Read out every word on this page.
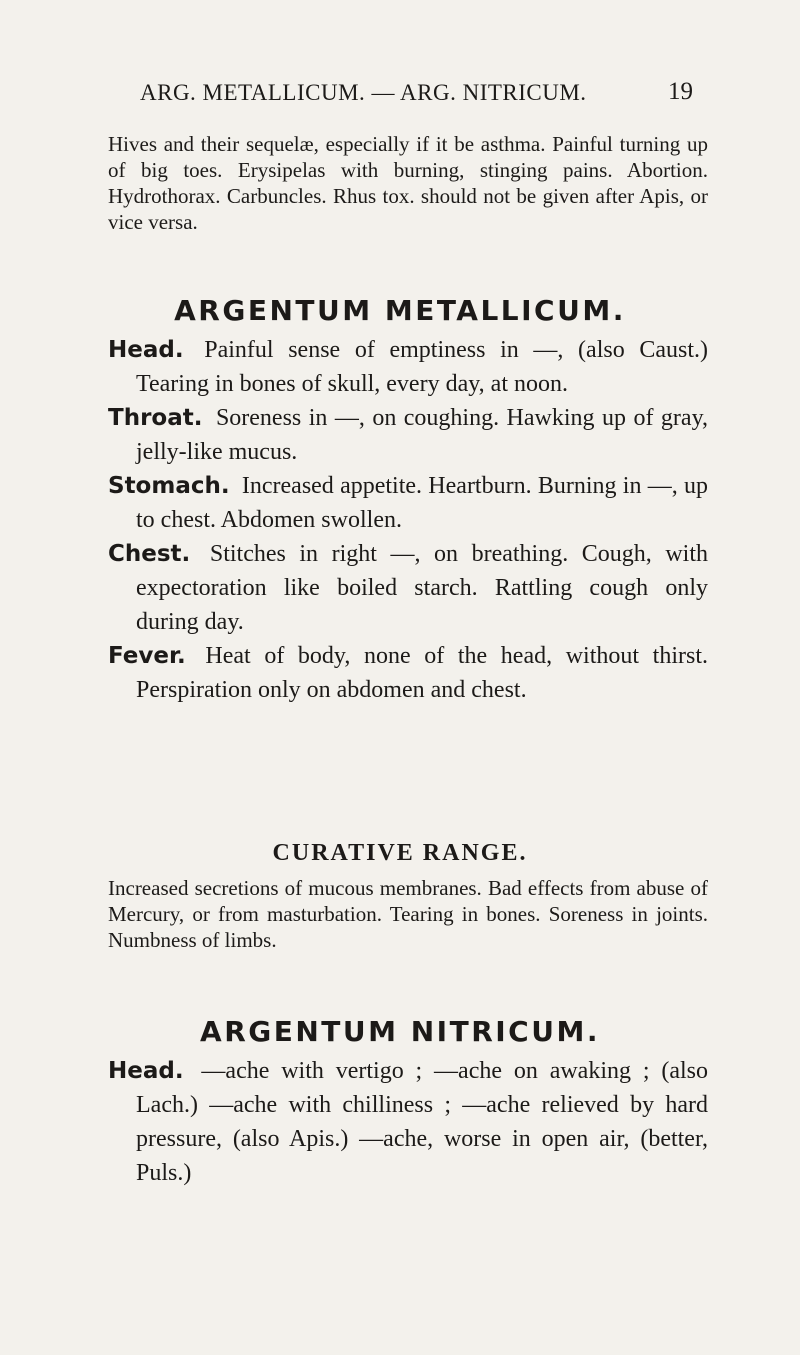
ARG. METALLICUM. — ARG. NITRICUM.	19

Hives and their sequelæ, especially if it be asthma. Painful turning up of big toes. Erysipelas with burning, stinging pains. Abortion. Hydrothorax. Carbuncles. Rhus tox. should not be given after Apis, or vice versa.

ARGENTUM METALLICUM.

Head. Painful sense of emptiness in —, (also Caust.) Tearing in bones of skull, every day, at noon.

Throat. Soreness in —, on coughing. Hawking up of gray, jelly-like mucus.

Stomach. Increased appetite. Heartburn. Burning in —, up to chest. Abdomen swollen.

Chest. Stitches in right —, on breathing. Cough, with expectoration like boiled starch. Rattling cough only during day.

Fever. Heat of body, none of the head, without thirst. Perspiration only on abdomen and chest.

CURATIVE RANGE.

Increased secretions of mucous membranes. Bad effects from abuse of Mercury, or from masturbation. Tearing in bones. Soreness in joints. Numbness of limbs.

ARGENTUM NITRICUM.

Head. —ache with vertigo ; —ache on awaking ; (also Lach.) —ache with chilliness ; —ache relieved by hard pressure, (also Apis.) —ache, worse in open air, (better, Puls.)
